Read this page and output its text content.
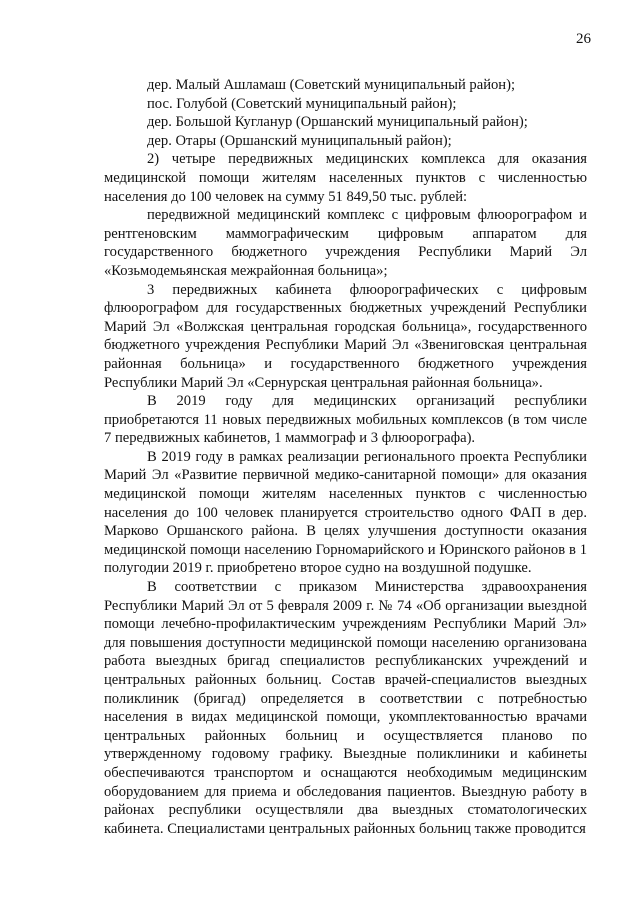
26

дер. Малый Ашламаш (Советский муниципальный район);

пос. Голубой (Советский муниципальный район);

дер. Большой Кугланур (Оршанский муниципальный район);

дер. Отары (Оршанский муниципальный район);

2) четыре передвижных медицинских комплекса для оказания медицинской помощи жителям населенных пунктов с численностью населения до 100 человек на сумму 51 849,50 тыс. рублей:

передвижной медицинский комплекс с цифровым флюорографом и рентгеновским маммографическим цифровым аппаратом для государственного бюджетного учреждения Республики Марий Эл «Козьмодемьянская межрайонная больница»;

3 передвижных кабинета флюорографических с цифровым флюорографом для государственных бюджетных учреждений Республики Марий Эл «Волжская центральная городская больница», государственного бюджетного учреждения Республики Марий Эл «Звениговская центральная районная больница» и государственного бюджетного учреждения Республики Марий Эл «Сернурская центральная районная больница».

В 2019 году для медицинских организаций республики приобретаются 11 новых передвижных мобильных комплексов (в том числе 7 передвижных кабинетов, 1 маммограф и 3 флюорографа).

В 2019 году в рамках реализации регионального проекта Республики Марий Эл «Развитие первичной медико-санитарной помощи» для оказания медицинской помощи жителям населенных пунктов с численностью населения до 100 человек планируется строительство одного ФАП в дер. Марково Оршанского района. В целях улучшения доступности оказания медицинской помощи населению Горномарийского и Юринского районов в 1 полугодии 2019 г. приобретено второе судно на воздушной подушке.

В соответствии с приказом Министерства здравоохранения Республики Марий Эл от 5 февраля 2009 г. № 74 «Об организации выездной помощи лечебно-профилактическим учреждениям Республики Марий Эл» для повышения доступности медицинской помощи населению организована работа выездных бригад специалистов республиканских учреждений и центральных районных больниц. Состав врачей-специалистов выездных поликлиник (бригад) определяется в соответствии с потребностью населения в видах медицинской помощи, укомплектованностью врачами центральных районных больниц и осуществляется планово по утвержденному годовому графику. Выездные поликлиники и кабинеты обеспечиваются транспортом и оснащаются необходимым медицинским оборудованием для приема и обследования пациентов. Выездную работу в районах республики осуществляли два выездных стоматологических кабинета. Специалистами центральных районных больниц также проводится
